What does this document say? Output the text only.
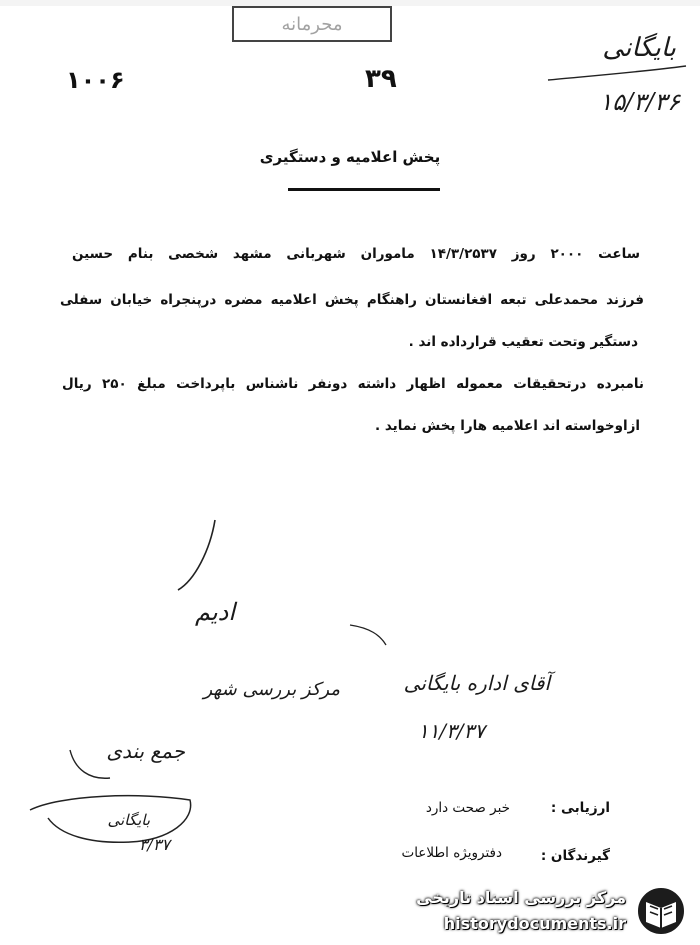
محرمانه
بایگانی
۱۵/۳/۳۶
۱۰۰۶	۳۹
پخش اعلامیه و دستگیری
ساعت ۲۰۰۰ روز ۱۴/۳/۲۵۳۷ ماموران شهربانی مشهد شخصی بنام حسین
فرزند محمدعلی تبعه افغانستان راهنگام پخش اعلامیه مضره درپنجراه خیابان سفلی
دستگیر وتحت تعقیب قرارداده اند .
نامبرده درتحقیقات معموله اظهار داشته دونفر ناشناس باپرداخت مبلغ ۲۵۰ ریال
ازاوخواسته اند اعلامیه هارا پخش نماید .
ادیم
آقای اداره بایگانی
مرکز بررسی شهر
۱۱/۳/۳۷
جمع بندی
بایگانی
۳/۳۷
ارزیابی :
خبر صحت دارد
گیرندگان :
دفترویژه اطلاعات
مرکز بررسی اسناد تاریخی
historydocuments.ir
